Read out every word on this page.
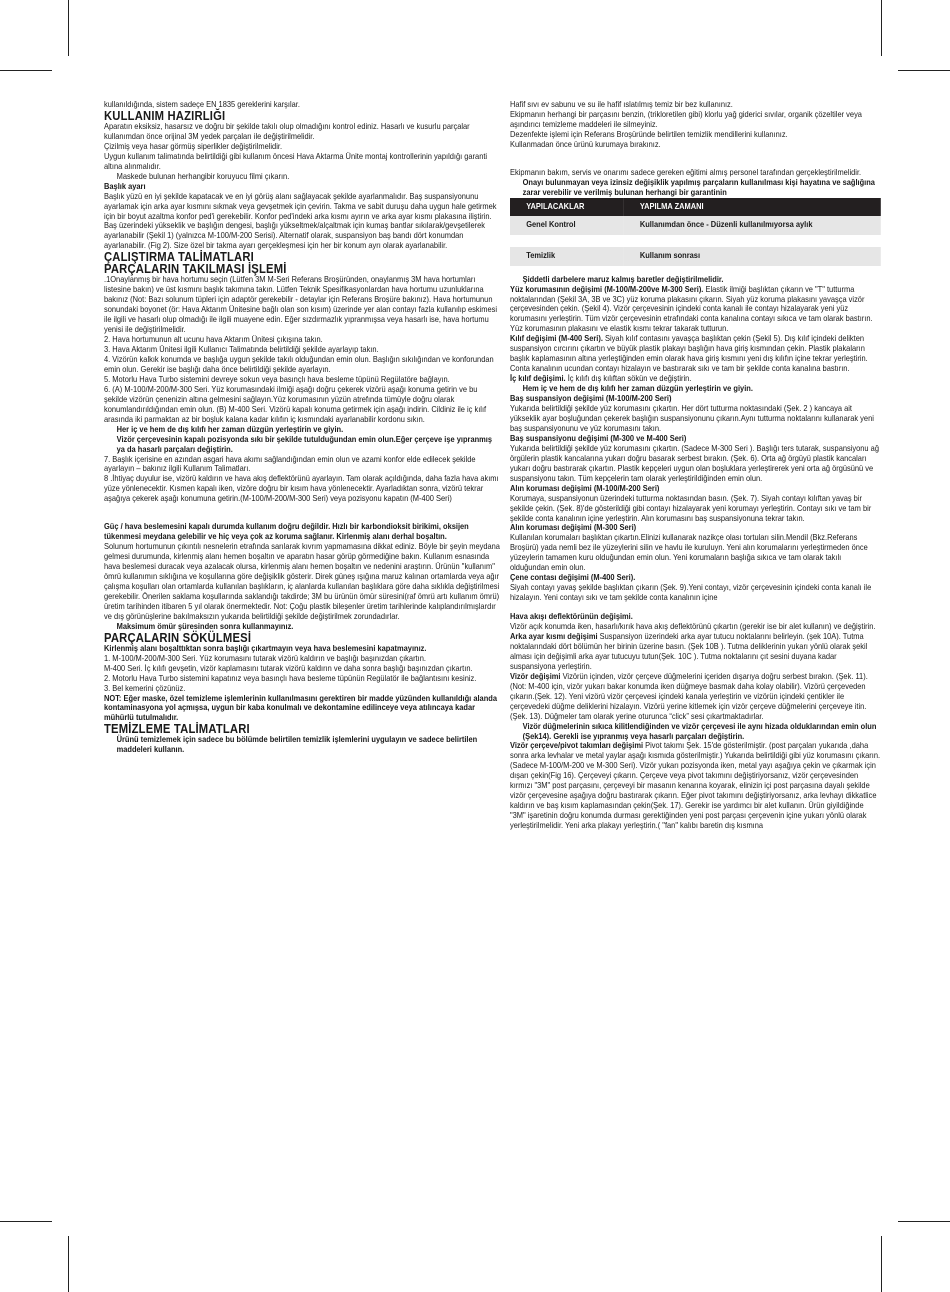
kullanıldığında, sistem sadeçe EN 1835 gereklerini karşılar.

KULLANIM HAZIRLIĞI

Aparatın eksiksiz, hasarsız ve doğru bir şekilde takılı olup olmadığını kontrol ediniz. Hasarlı ve kusurlu parçalar kullanımdan önce orijinal 3M yedek parçaları ile değiştirilmelidir.

Çizilmiş veya hasar görmüş siperlikler değiştirilmelidir.

Uygun kullanım talimatında belirtildiği gibi kullanım öncesi Hava Aktarma Ünite montaj kontrollerinin yapıldığı garanti altına alınmalıdır.

Maskede bulunan herhangibir koruyucu filmi çıkarın.

Başlık ayarı

Başlık yüzü en iyi şekilde kapatacak ve en iyi görüş alanı sağlayacak şekilde ayarlanmalıdır. Baş suspansiyonunu ayarlamak için arka ayar kısmını sıkmak veya gevşetmek için çevirin. Takma ve sabit duruşu daha uygun hale getirmek için bir boyut azaltma konfor ped'i gerekebilir. Konfor ped'indeki arka kısmı ayırın ve arka ayar kısmı plakasına iliştirin.

Baş üzerindeki yükseklik ve başlığın dengesi, başlığı yükseltmek/alçaltmak için kumaş bantlar sıkılarak/gevşetilerek ayarlanabilir (Şekil 1) (yalnızca M-100/M-200 Serisi). Alternatif olarak, suspansiyon baş bandı dört konumdan ayarlanabilir. (Fig 2). Size özel bir takma ayarı gerçekleşmesi için her bir konum ayrı olarak ayarlanabilir.

ÇALIŞTIRMA TALİMATLARI

PARÇALARIN TAKILMASI İŞLEMİ

.1Onaylanmış bir hava hortumu seçin (Lütfen 3M M-Seri Referans Broşüründen, onaylanmış 3M hava hortumları listesine bakın) ve üst kısmını başlık takımına takın. Lütfen Teknik Spesifikasyonlardan hava hortumu uzunluklarına bakınız (Not: Bazı solunum tüpleri için adaptör gerekebilir - detaylar için Referans Broşüre bakınız). Hava hortumunun sonundaki boyonet (ör: Hava Aktarım Ünitesine bağlı olan son kısım) üzerinde yer alan contayı fazla kullanılıp eskimesi ile ilgili ve hasarlı olup olmadığı ile ilgili muayene edin. Eğer sızdırmazlık yıpranmışsa veya hasarlı ise, hava hortumu yenisi ile değiştirilmelidir.

2. Hava hortumunun alt ucunu hava Aktarım Ünitesi çıkışına takın.

3. Hava Aktarım Ünitesi ilgili Kullanıcı Talimatında belirtildiği şekilde ayarlayıp takın.

4. Vizörün kalkık konumda ve başlığa uygun şekilde takılı olduğundan emin olun. Başlığın sıkılığından ve konforundan emin olun. Gerekir ise başlığı daha önce belirtildiği şekilde ayarlayın.

5. Motorlu Hava Turbo sistemini devreye sokun veya basınçlı hava besleme tüpünü Regülatöre bağlayın.

6. (A) M-100/M-200/M-300 Seri. Yüz korumasındaki ilmiği aşağı doğru çekerek vizörü aşağı konuma getirin ve bu şekilde vizörün çenenizin altına gelmesini sağlayın.Yüz korumasının yüzün atrefında tümüyle doğru olarak konumlandırıldığından emin olun. (B) M-400 Seri. Vizörü kapalı konuma getirmek için aşağı indirin. Cildiniz ile iç kılıf arasında iki parmaktan az bir boşluk kalana kadar kılıfın iç kısmındaki ayarlanabilir kordonu sıkın.

Her iç ve hem de dış kılıfı her zaman düzgün yerleştirin ve giyin.

Vizör çerçevesinin kapalı pozisyonda sıkı bir şekilde tutulduğundan emin olun.Eğer çerçeve işe yıpranmış ya da hasarlı parçaları değiştirin.

7. Başlık içerisine en azından asgari hava akımı sağlandığından emin olun ve azami konfor elde edilecek şekilde ayarlayın – bakınız ilgili Kullanım Talimatları.

8 .İhtiyaç duyulur ise, vizörü kaldırın ve hava akış deflektörünü ayarlayın. Tam olarak açıldığında, daha fazla hava akımı yüze yönlenecektir. Kısmen kapalı iken, vizöre doğru bir kısım hava yönlenecektir. Ayarladıktan sonra, vizörü tekrar aşağıya çekerek aşağı konumuna getirin.(M-100/M-200/M-300 Seri) veya pozisyonu kapatın (M-400 Seri)

Güç / hava beslemesini kapalı durumda kullanım doğru değildir. Hızlı bir karbondioksit birikimi, oksijen tükenmesi meydana gelebilir ve hiç veya çok az koruma sağlanır. Kirlenmiş alanı derhal boşaltın.

Solunum hortumunun çıkıntılı nesnelerin etrafında sarılarak kıvrım yapmamasına dikkat ediniz. Böyle bir şeyin meydana gelmesi durumunda, kirlenmiş alanı hemen boşaltın ve aparatın hasar görüp görmediğine bakın. Kullanım esnasında hava beslemesi duracak veya azalacak olursa, kirlenmiş alanı hemen boşaltın ve nedenini araştırın. Ürünün "kullanım" ömrü kullanımın sıklığına ve koşullarına göre değişiklik gösterir. Direk güneş ışığına maruz kalınan ortamlarda veya ağır çalışma koşulları olan ortamlarda kullanılan başlıkların, iç alanlarda kullanılan başlıklara göre daha sıklıkla değiştirilmesi gerekebilir. Önerilen saklama koşullarında saklandığı takdirde; 3M bu ürünün ömür süresini(raf ömrü artı kullanım ömrü) üretim tarihinden itibaren 5 yıl olarak önermektedir. Not: Çoğu plastik bileşenler üretim tarihlerinde kalıplandırılmışlardır ve dış görünüşlerine bakılmaksızın yukarıda belirtildiği şekilde değiştirilmek zorundadırlar.

Maksimum ömür şüresinden sonra kullanmayınız.

PARÇALARIN SÖKÜLMESİ

Kirlenmiş alanı boşalttıktan sonra başlığı çıkartmayın veya hava beslemesini kapatmayınız.

1. M-100/M-200/M-300 Seri. Yüz korumasını tutarak vizörü kaldırın ve başlığı başınızdan çıkartın.

M-400 Seri. İç kılıfı gevşetin, vizör kaplamasını tutarak vizörü kaldırın ve daha sonra başlığı başınızdan çıkartın.

2. Motorlu Hava Turbo sistemini kapatınız veya basınçlı hava besleme tüpünün Regülatör ile bağlantısını kesiniz.

3. Bel kemerini çözünüz.

NOT: Eğer maske, özel temizleme işlemlerinin kullanılmasını gerektiren bir madde yüzünden kullanıldığı alanda kontaminasyona yol açmışsa, uygun bir kaba konulmalı ve dekontamine edilinceye veya atılıncaya kadar mühürlü tutulmalıdır.

TEMİZLEME TALİMATLARI

Ürünü temizlemek için sadece bu bölümde belirtilen temizlik işlemlerini uygulayın ve sadece belirtilen maddeleri kullanın.

Hafif sıvı ev sabunu ve su ile hafif ıslatılmış temiz bir bez kullanınız.

Ekipmanın herhangi bir parçasını benzin, (trikloretilen gibi) klorlu yağ giderici sıvılar, organik çözeltiler veya aşındırıcı temizleme maddeleri ile silmeyiniz.

Dezenfekte işlemi için Referans Broşüründe belirtilen temizlik mendillerini kullanınız.

Kullanmadan önce ürünü kurumaya bırakınız.

Ekipmanın bakım, servis ve onarımı sadece gereken eğitimi almış personel tarafından gerçekleştirilmelidir.

Onayı bulunmayan veya izinsiz değişiklik yapılmış parçaların kullanılması kişi hayatına ve sağlığına zarar verebilir ve verilmiş bulunan herhangi bir garantinin

YAPILACAKLAR	YAPILMA ZAMANI
Genel Kontrol	Kullanımdan önce - Düzenli kullanılmıyorsa aylık

Temizlik	Kullanım sonrası

Şiddetli darbelere maruz kalmış baretler değiştirilmelidir.

Yüz korumasının değişimi (M-100/M-200ve M-300 Seri). Elastik ilmiği başlıktan çıkarın ve "T" tutturma noktalarından (Şekil 3A, 3B ve 3C) yüz koruma plakasını çıkarın. Siyah yüz koruma plakasını yavaşça vizör çerçevesinden çekin. (Şekil 4). Vizör çerçevesinin içindeki conta kanalı ile contayı hizalayarak yeni yüz korumasını yerleştirin. Tüm vizör çerçevesinin etrafındaki conta kanalına contayı sıkıca ve tam olarak bastırın. Yüz korumasının plakasını ve elastik kısmı tekrar takarak tutturun.

Kılıf değişimi (M-400 Seri). Siyah kılıf contasını yavaşça başlıktan çekin (Şekil 5). Dış kılıf içindeki delikten suspansiyon cırcırını çıkartın ve büyük plastik plakayı başlığın hava giriş kısmından çekin. Plastik plakaların başlık kaplamasının altına yerleştiğinden emin olarak hava giriş kısmını yeni dış kılıfın içine tekrar yerleştirin. Conta kanalının ucundan contayı hizalayın ve bastırarak sıkı ve tam bir şekilde conta kanalına bastırın.

İç kılıf değişimi. İç kılıfı dış kılıftan sökün ve değiştirin.

Hem iç ve hem de dış kılıfı her zaman düzgün yerleştirin ve giyin.

Baş suspansiyon değişimi (M-100/M-200 Seri)

Yukarıda belirtildiği şekilde yüz korumasını çıkartın. Her dört tutturma noktasındaki (Şek. 2 ) kancaya ait yükseklik ayar boşluğundan çekerek başlığın suspansiyonunu çıkarın.Aynı tutturma noktalarını kullanarak yeni baş suspansiyonunu ve yüz korumasını takın.

Baş suspansiyonu değişimi (M-300 ve M-400 Seri)

Yukarıda belirtildiği şekilde yüz korumasını çıkartın. (Sadece M-300 Seri ). Başlığı ters tutarak, suspansiyonu ağ örgülerin plastik kancalarına yukarı doğru basarak serbest bırakın. (Şek. 6). Orta ağ örgüyü plastik kancaları yukarı doğru bastırarak çıkartın. Plastik kepçeleri uygun olan boşluklara yerleştirerek yeni orta ağ örgüsünü ve suspansiyonu takın. Tüm kepçelerin tam olarak yerleştirildiğinden emin olun.

Alın koruması değişimi (M-100/M-200 Seri)

Korumaya, suspansiyonun üzerindeki tutturma noktasından basın. (Şek. 7). Siyah contayı kılıftan yavaş bir şekilde çekin. (Şek. 8)'de gösterildiği gibi contayı hizalayarak yeni korumayı yerleştirin. Contayı sıkı ve tam bir şekilde conta kanalının içine yerleştirin. Alın korumasını baş suspansiyonuna tekrar takın.

Alın koruması değişimi (M-300 Seri)

Kullanılan korumaları başlıktan çıkartın.Elinizi kullanarak nazikçe olası tortuları silin.Mendil (Bkz.Referans Broşürü) yada nemli bez ile yüzeylerini silin ve havlu ile kuruluyn. Yeni alın korumalarını yerleştirmeden önce yüzeylerin tamamen kuru olduğundan emin olun. Yeni korumaların başlığa sıkıca ve tam olarak takılı olduğundan emin olun.

Çene contası değişimi (M-400 Seri).

Siyah contayı yavaş şekilde başlıktan çıkarın (Şek. 9).Yeni contayı, vizör çerçevesinin içindeki conta kanalı ile hizalayın. Yeni contayı sıkı ve tam şekilde conta kanalının içine

Hava akışı deflektörünün değişimi.

Vizör açık konumda iken, hasarlı/kırık hava akış deflektörünü çıkartın (gerekir ise bir alet kullanın) ve değiştirin.

Arka ayar kısmı değişimi Suspansiyon üzerindeki arka ayar tutucu noktalarını belirleyin. (şek 10A). Tutma noktalarındaki dört bölümün her birinin üzerine basın. (Şek 10B ). Tutma deliklerinin yukarı yönlü olarak şekil alması için değişimli arka ayar tutucuyu tutun(Şek. 10C ). Tutma noktalarını çıt sesini duyana kadar suspansiyona yerleştirin.

Vizör değişimi Vizörün içinden, vizör çerçeve düğmelerini içeriden dışarıya doğru serbest bırakın. (Şek. 11). (Not: M-400 için, vizör yukarı bakar konumda iken düğmeye basmak daha kolay olabilir). Vizörü çerçeveden çıkarın.(Şek. 12). Yeni vizörü vizör çerçevesi içindeki kanala yerleştirin ve vizörün içindeki çentikler ile çerçevedeki düğme deliklerini hizalayın. Vizörü yerine kitlemek için vizör çerçeve düğmelerini çerçeveye itin.(Şek. 13). Düğmeler tam olarak yerine oturunca “click” sesi çıkartmaktadırlar.

Vizör düğmelerinin sıkıca kilitlendiğinden ve vizör çerçevesi ile aynı hizada olduklarından emin olun (Şek14). Gerekli ise yıpranmış veya hasarlı parçaları değiştirin.

Vizör çerçeve/pivot takımları değişimi Pivot takımı Şek. 15'de gösterilmiştir. (post parçaları yukarıda ,daha sonra arka levhalar ve metal yaylar aşağı kısmıda gösterilmiştir.) Yukarıda belirtildiği gibi yüz korumasını çıkarın. (Sadece M-100/M-200 ve M-300 Seri). Vizör yukarı pozisyonda iken, metal yayı aşağıya çekin ve çıkarmak için dışarı çekin(Fig 16). Çerçeveyi çıkarın. Çerçeve veya pivot takımını değiştiriyorsanız, vizör çerçevesinden kırmızı "3M" post parçasını, çerçeveyi bir masanın kenarına koyarak, elinizin içi post parçasına dayalı şekilde vizör çerçevesine aşağıya doğru bastırarak çıkarın. Eğer pivot takımını değiştiriyorsanız, arka levhayı dikkatlice kaldırın ve baş kısım kaplamasından çekin(Şek. 17). Gerekir ise yardımcı bir alet kullanın. Ürün giyildiğinde "3M" işaretinin doğru konumda durması gerektiğinden yeni post parçası çerçevenin içine yukarı yönlü olarak yerleştirilmelidir. Yeni arka plakayı yerleştirin.( "fan" kalıbı baretin dış kısmına
